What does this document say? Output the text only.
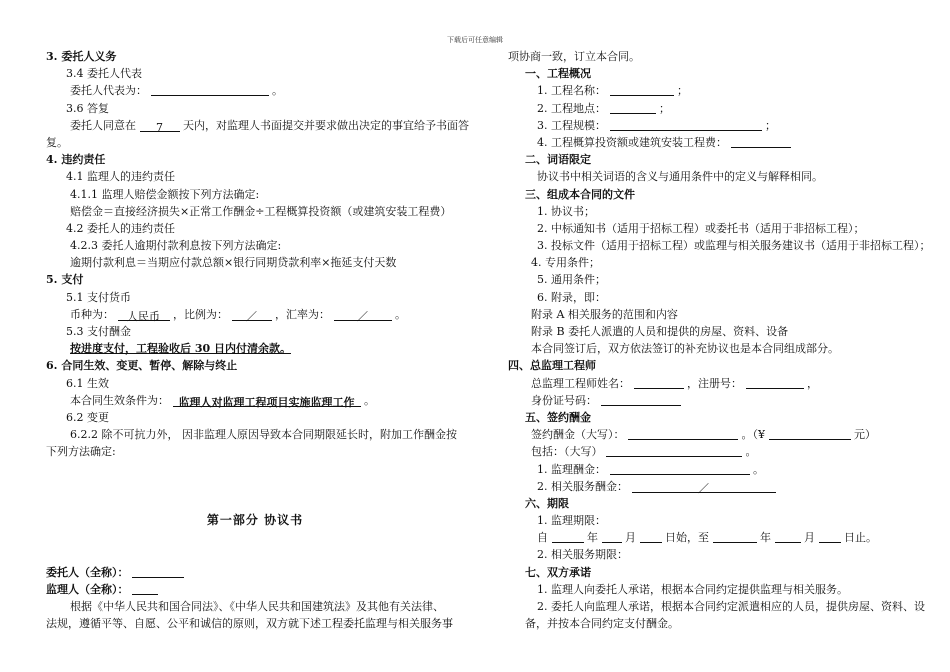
下载后可任意编辑
3. 委托人义务
3.4 委托人代表
委托人代表为：	。
3.6 答复
委托人同意在 7 天内，对监理人书面提交并要求做出决定的事宜给予书面答
复。
4. 违约责任
4.1 监理人的违约责任
4.1.1 监理人赔偿金额按下列方法确定:
赔偿金＝直接经济损失×正常工作酬金÷工程概算投资额（或建筑安装工程费）
4.2 委托人的违约责任
4.2.3 委托人逾期付款利息按下列方法确定:
逾期付款利息＝当期应付款总额×银行同期贷款利率×拖延支付天数
5. 支付
5.1 支付货币
币种为： 人民币 ，比例为： ／ ，汇率为： ／ 。
5.3 支付酬金
按进度支付，工程验收后 30 日内付清余款。
6. 合同生效、变更、暂停、解除与终止
6.1 生效
本合同生效条件为： 监理人对监理工程项目实施监理工作 。
6.2 变更
6.2.2 除不可抗力外， 因非监理人原因导致本合同期限延长时，附加工作酬金按
下列方法确定:
第一部分 协议书
委托人（全称）：
监理人（全称）：
根据《中华人民共和国合同法》、《中华人民共和国建筑法》及其他有关法律、
法规，遵循平等、自愿、公平和诚信的原则，双方就下述工程委托监理与相关服务事
项协商一致，订立本合同。
一、工程概况
1. 工程名称：	；
2. 工程地点：	；
3. 工程规模：	；
4. 工程概算投资额或建筑安装工程费：
二、词语限定
协议书中相关词语的含义与通用条件中的定义与解释相同。
三、组成本合同的文件
1. 协议书；
2. 中标通知书（适用于招标工程）或委托书（适用于非招标工程）；
3. 投标文件（适用于招标工程）或监理与相关服务建议书（适用于非招标工程）；
4. 专用条件；
5. 通用条件；
6. 附录，即：
附录 A 相关服务的范围和内容
附录 B 委托人派遣的人员和提供的房屋、资料、设备
本合同签订后，双方依法签订的补充协议也是本合同组成部分。
四、总监理工程师
总监理工程师姓名：	，注册号：	，
身份证号码：
五、签约酬金
签约酬金（大写）：	。（¥	元）
包括：（大写）	。
1. 监理酬金：	。
2. 相关服务酬金：	／
六、期限
1. 监理期限：
自	年 月	日始，至	年	月	日止。
2. 相关服务期限：
七、双方承诺
1. 监理人向委托人承诺，根据本合同约定提供监理与相关服务。
2. 委托人向监理人承诺，根据本合同约定派遣相应的人员，提供房屋、资料、设
备，并按本合同约定支付酬金。
